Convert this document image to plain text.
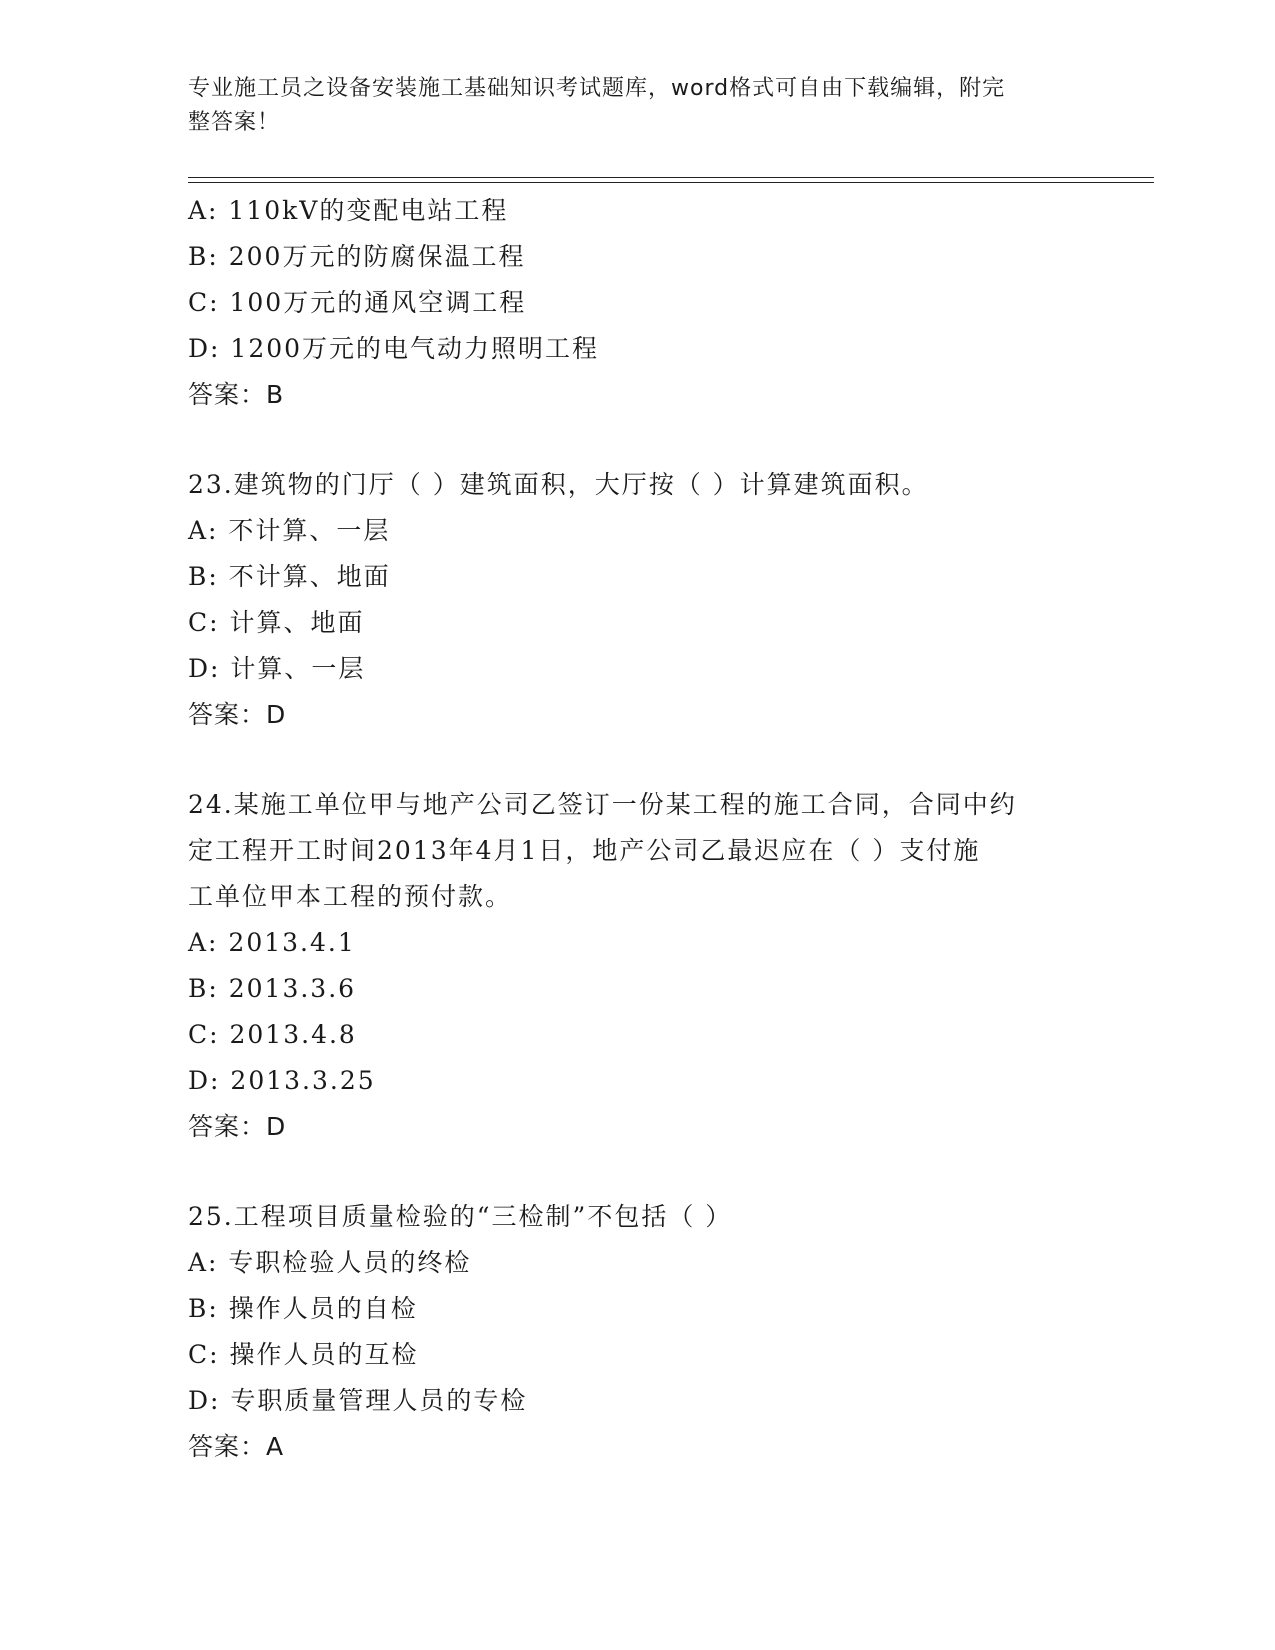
专业施工员之设备安装施工基础知识考试题库，word格式可自由下载编辑，附完
整答案！
A: 110kV的变配电站工程
B: 200万元的防腐保温工程
C: 100万元的通风空调工程
D: 1200万元的电气动力照明工程
答案：B
23.建筑物的门厅（ ）建筑面积，大厅按（ ）计算建筑面积。
A: 不计算、一层
B: 不计算、地面
C: 计算、地面
D: 计算、一层
答案：D
24.某施工单位甲与地产公司乙签订一份某工程的施工合同，合同中约
定工程开工时间2013年4月1日，地产公司乙最迟应在（ ）支付施
工单位甲本工程的预付款。
A: 2013.4.1
B: 2013.3.6
C: 2013.4.8
D: 2013.3.25
答案：D
25.工程项目质量检验的“三检制”不包括（ ）
A: 专职检验人员的终检
B: 操作人员的自检
C: 操作人员的互检
D: 专职质量管理人员的专检
答案：A
